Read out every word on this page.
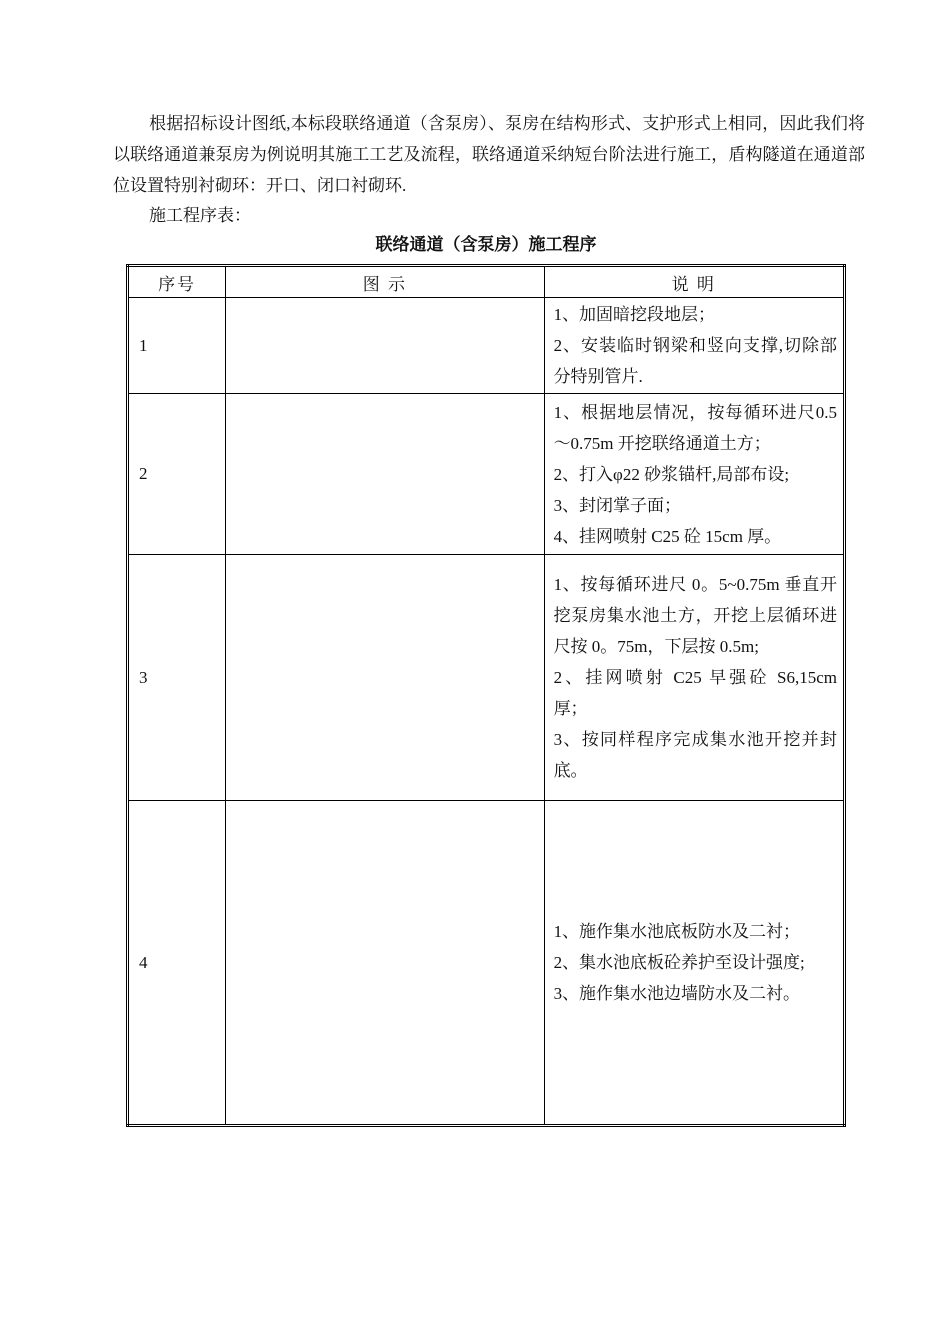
根据招标设计图纸,本标段联络通道（含泵房）、泵房在结构形式、支护形式上相同，因此我们将以联络通道兼泵房为例说明其施工工艺及流程，联络通道采纳短台阶法进行施工，盾构隧道在通道部位设置特别衬砌环：开口、闭口衬砌环.

施工程序表：

联络通道（含泵房）施工程序
序号	图 示	说 明
1		1、加固暗挖段地层；
2、安装临时钢梁和竖向支撑,切除部分特别管片.

2		1、根据地层情况，按每循环进尺0.5～0.75m 开挖联络通道土方；
2、打入φ22 砂浆锚杆,局部布设;
3、封闭掌子面；
4、挂网喷射 C25 砼 15cm 厚。

3		1、按每循环进尺 0。5~0.75m 垂直开挖泵房集水池土方，开挖上层循环进尺按 0。75m，下层按 0.5m;
2、挂网喷射 C25 早强砼 S6,15cm 厚；
3、按同样程序完成集水池开挖并封底。

4		1、施作集水池底板防水及二衬；
2、集水池底板砼养护至设计强度;
3、施作集水池边墙防水及二衬。
